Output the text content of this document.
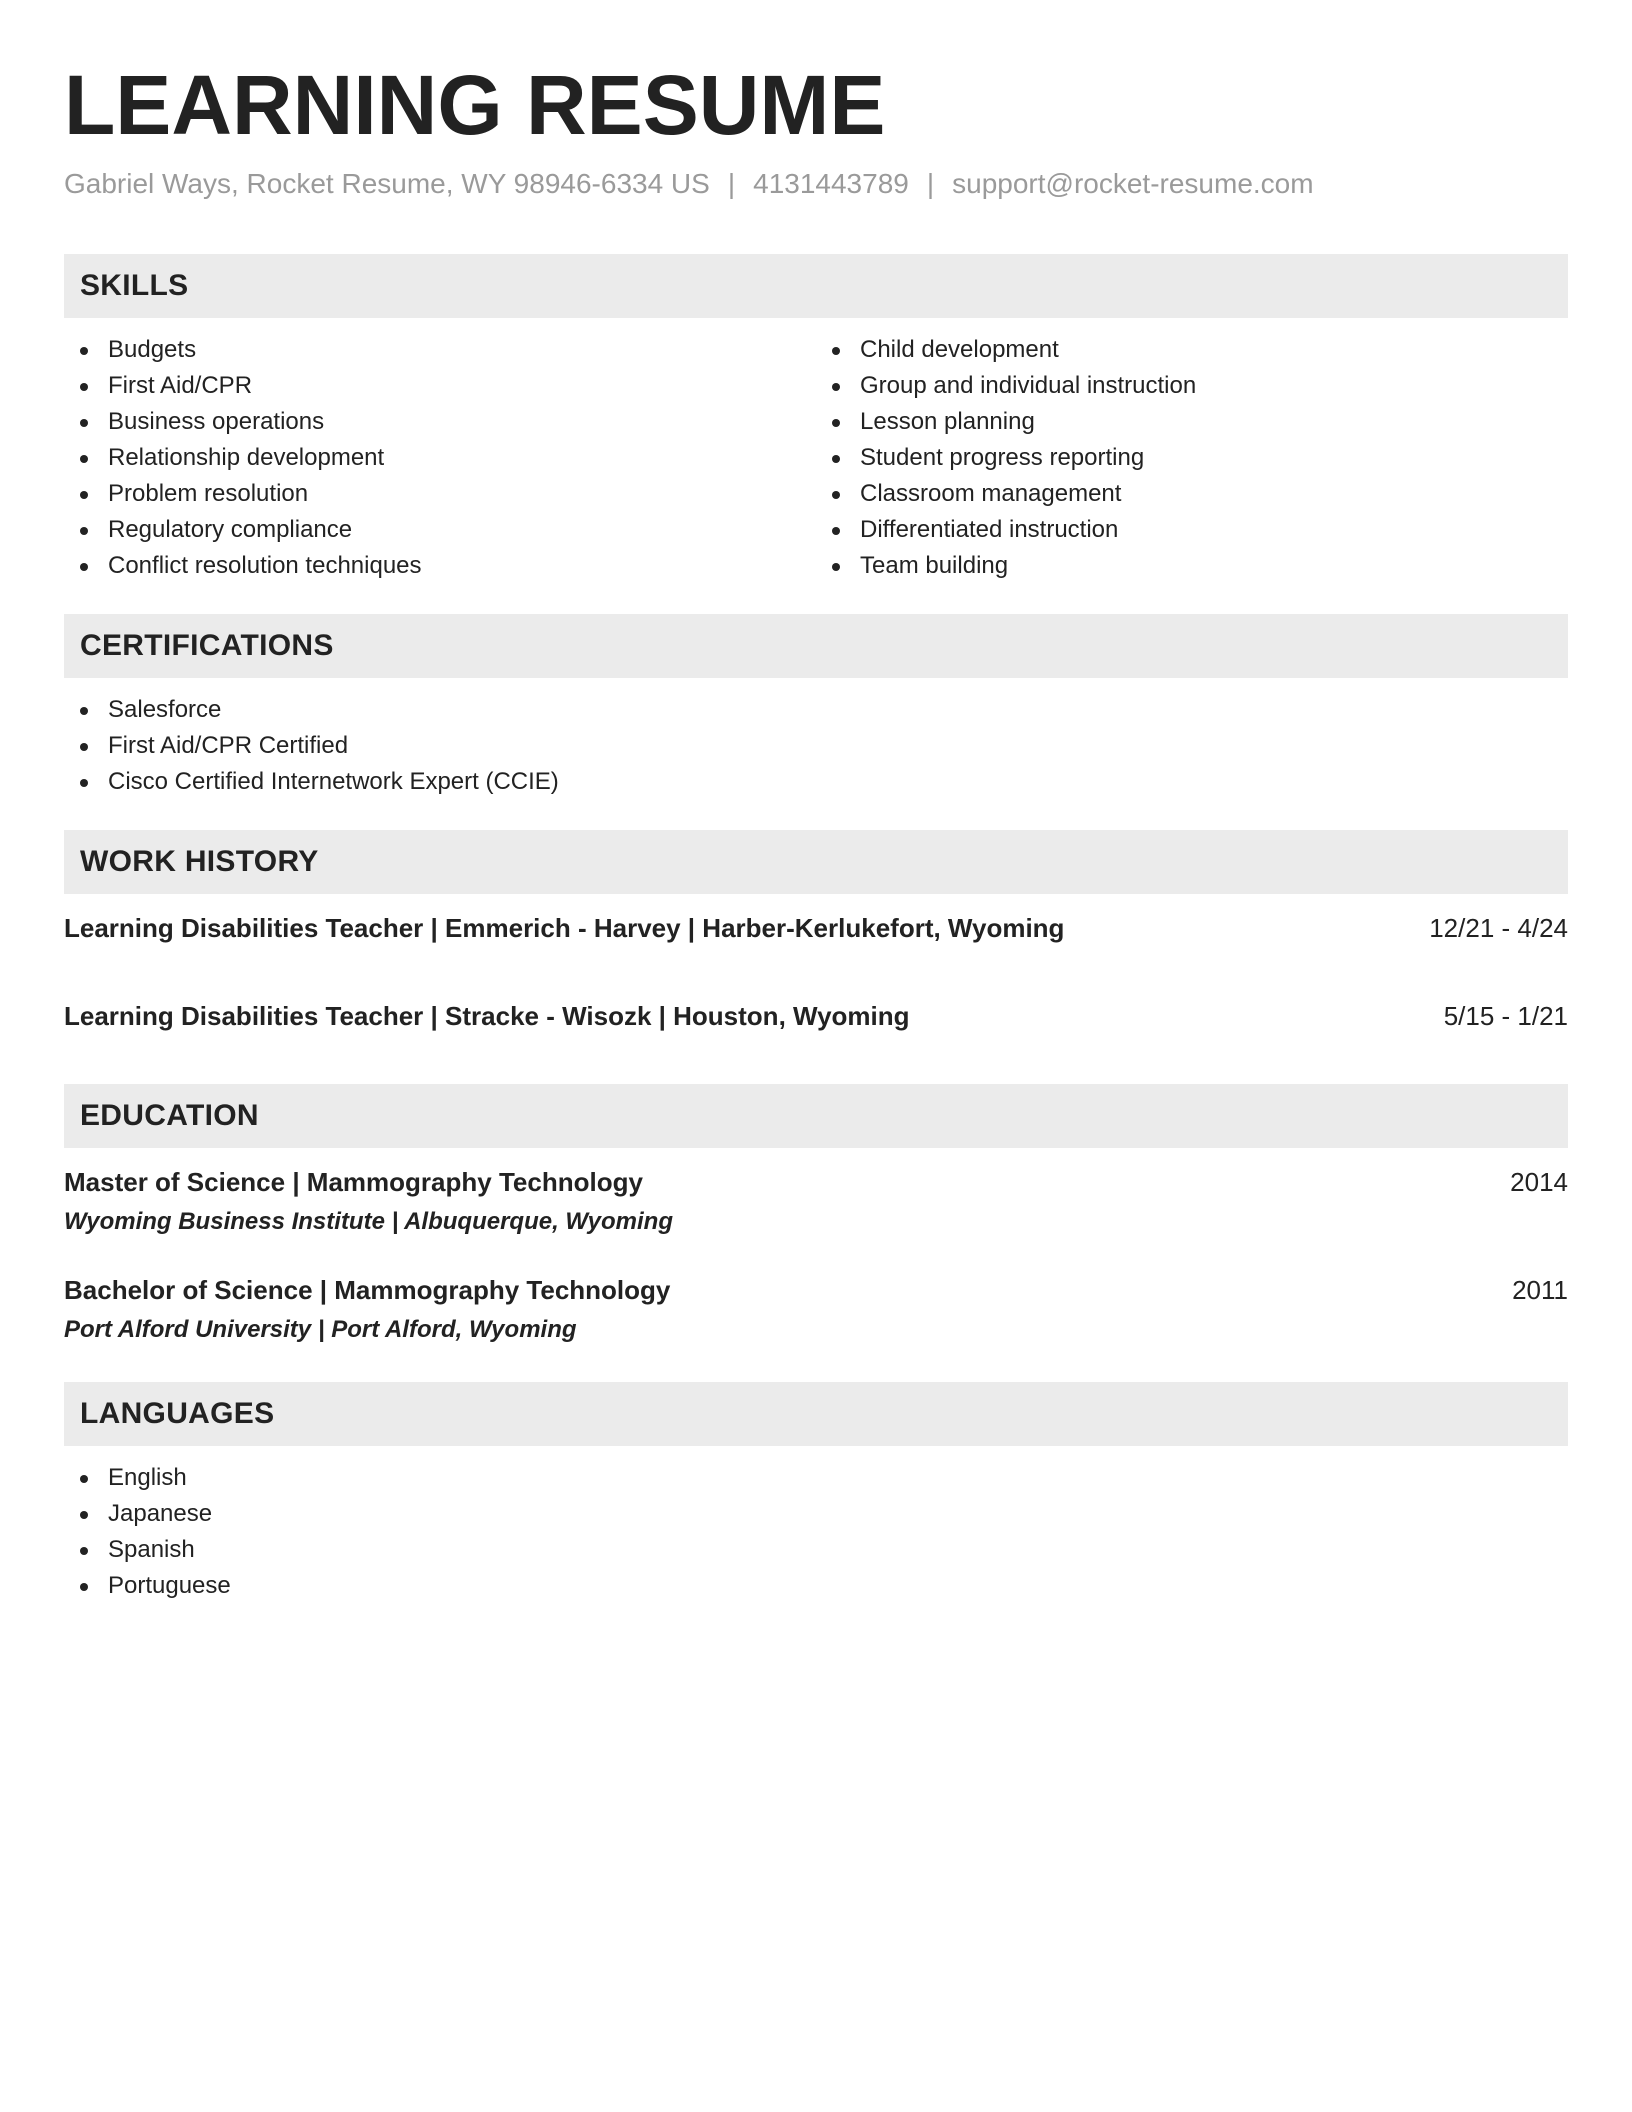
LEARNING RESUME
Gabriel Ways, Rocket Resume, WY 98946-6334 US | 4131443789 | support@rocket-resume.com
SKILLS
Budgets
First Aid/CPR
Business operations
Relationship development
Problem resolution
Regulatory compliance
Conflict resolution techniques
Child development
Group and individual instruction
Lesson planning
Student progress reporting
Classroom management
Differentiated instruction
Team building
CERTIFICATIONS
Salesforce
First Aid/CPR Certified
Cisco Certified Internetwork Expert (CCIE)
WORK HISTORY
Learning Disabilities Teacher | Emmerich - Harvey | Harber-Kerlukefort, Wyoming	12/21 - 4/24
Learning Disabilities Teacher | Stracke - Wisozk | Houston, Wyoming	5/15 - 1/21
EDUCATION
Master of Science | Mammography Technology	2014
Wyoming Business Institute | Albuquerque, Wyoming
Bachelor of Science | Mammography Technology	2011
Port Alford University | Port Alford, Wyoming
LANGUAGES
English
Japanese
Spanish
Portuguese
